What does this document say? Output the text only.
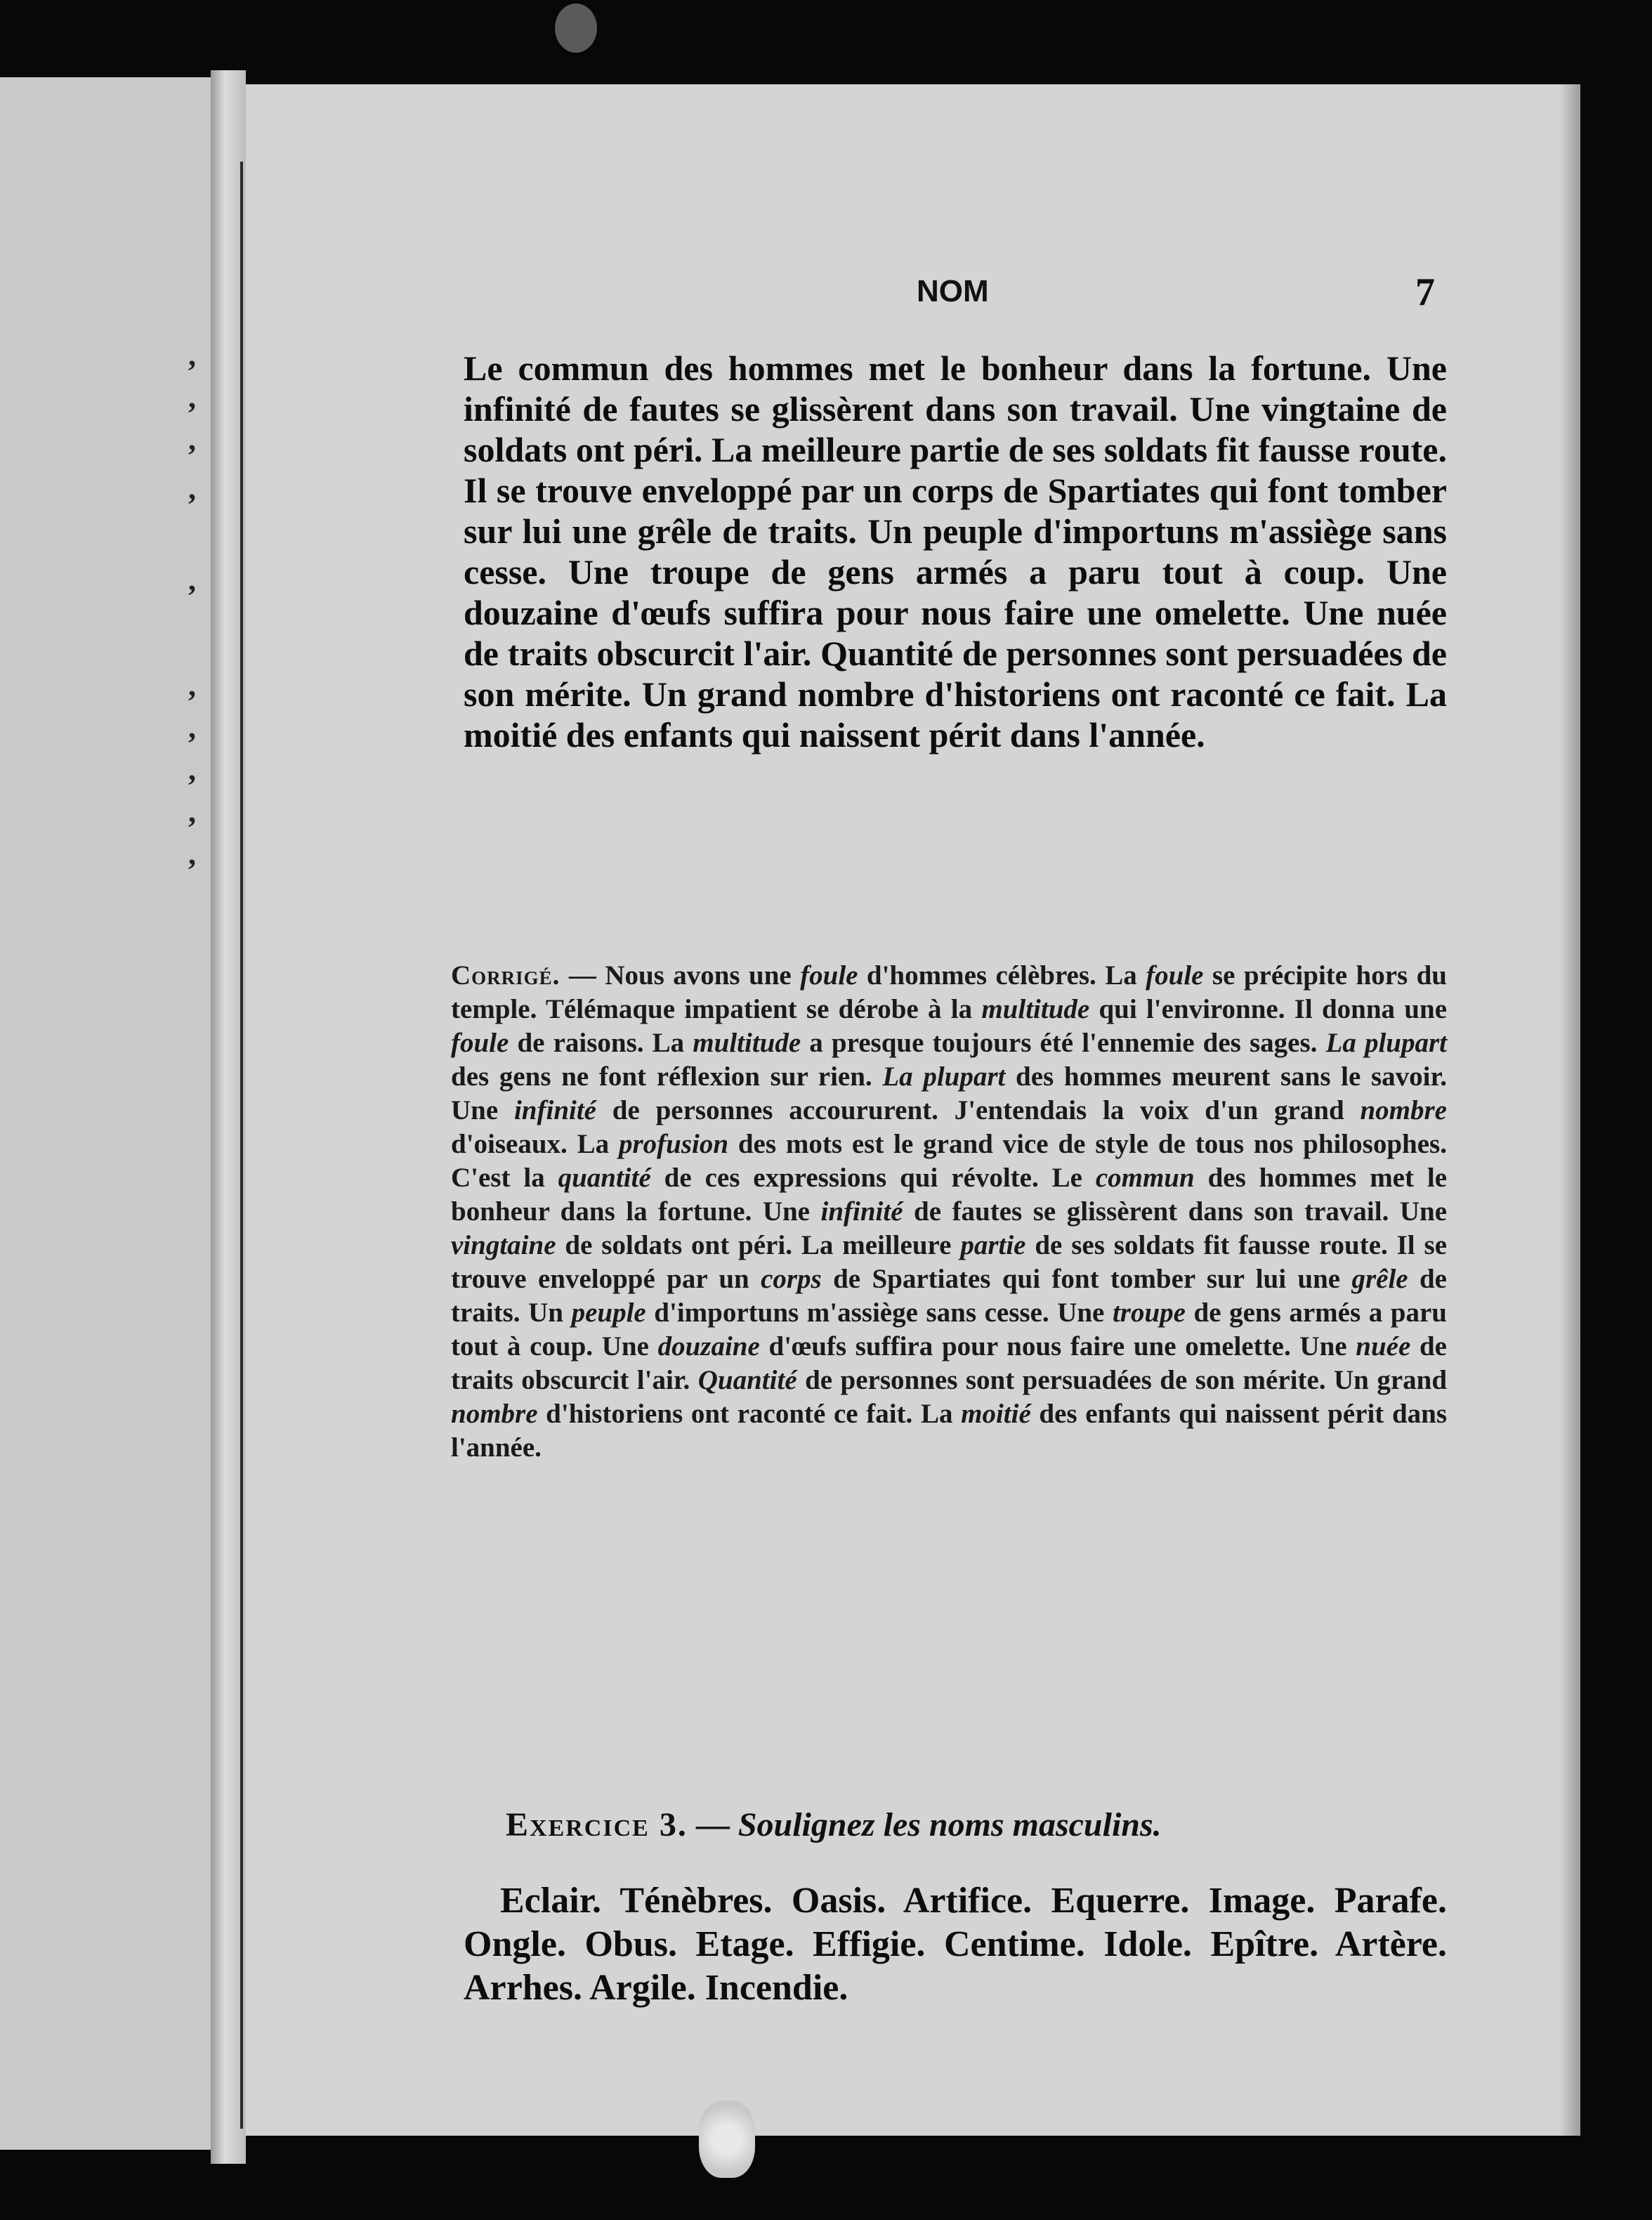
,
,
,
,
,
,
,
,
,
,
NOM	7

Le commun des hommes met le bonheur dans la fortune. Une infinité de fautes se glissèrent dans son travail. Une vingtaine de soldats ont péri. La meilleure partie de ses soldats fit fausse route. Il se trouve enveloppé par un corps de Spartiates qui font tomber sur lui une grêle de traits. Un peuple d'importuns m'assiège sans cesse. Une troupe de gens armés a paru tout à coup. Une douzaine d'œufs suffira pour nous faire une omelette. Une nuée de traits obscurcit l'air. Quantité de personnes sont persuadées de son mérite. Un grand nombre d'historiens ont raconté ce fait. La moitié des enfants qui naissent périt dans l'année.

Corrigé. — Nous avons une foule d'hommes célèbres. La foule se précipite hors du temple. Télémaque impatient se dérobe à la multitude qui l'environne. Il donna une foule de raisons. La multitude a presque toujours été l'ennemie des sages. La plupart des gens ne font réflexion sur rien. La plupart des hommes meurent sans le savoir. Une infinité de personnes accoururent. J'entendais la voix d'un grand nombre d'oiseaux. La profusion des mots est le grand vice de style de tous nos philosophes. C'est la quantité de ces expressions qui révolte. Le commun des hommes met le bonheur dans la fortune. Une infinité de fautes se glissèrent dans son travail. Une vingtaine de soldats ont péri. La meilleure partie de ses soldats fit fausse route. Il se trouve enveloppé par un corps de Spartiates qui font tomber sur lui une grêle de traits. Un peuple d'importuns m'assiège sans cesse. Une troupe de gens armés a paru tout à coup. Une douzaine d'œufs suffira pour nous faire une omelette. Une nuée de traits obscurcit l'air. Quantité de personnes sont persuadées de son mérite. Un grand nombre d'historiens ont raconté ce fait. La moitié des enfants qui naissent périt dans l'année.
Exercice 3. — Soulignez les noms masculins.
Eclair. Ténèbres. Oasis. Artifice. Equerre. Image. Parafe. Ongle. Obus. Etage. Effigie. Centime. Idole. Epître. Artère. Arrhes. Argile. Incendie.
